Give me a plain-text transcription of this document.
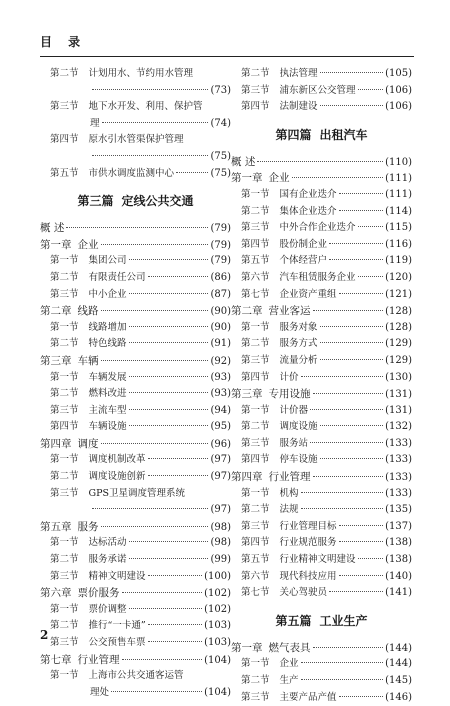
目 录
第二节 计划用水、节约用水管理
(73)
第三节 地下水开发、利用、保护管
理	(74)
第四节 原水引水管渠保护管理
(75)
第五节 市供水调度监测中心	(75)
第三篇 定线公共交通
概 述	(79)
第一章 企业	(79)
第一节 集团公司	(79)
第二节 有限责任公司	(86)
第三节 中小企业	(87)
第二章 线路	(90)
第一节 线路增加	(90)
第二节 特色线路	(91)
第三章 车辆	(92)
第一节 车辆发展	(93)
第二节 燃料改进	(93)
第三节 主流车型	(94)
第四节 车辆设施	(95)
第四章 调度	(96)
第一节 调度机制改革	(97)
第二节 调度设施创新	(97)
第三节 GPS卫星调度管理系统
(97)
第五章 服务	(98)
第一节 达标活动	(98)
第二节 服务承诺	(99)
第三节 精神文明建设	(100)
第六章 票价服务	(102)
第一节 票价调整	(102)
第二节 推行“一卡通”	(103)
第三节 公交预售车票	(103)
第七章 行业管理	(104)
第一节 上海市公共交通客运管
理处	(104)
第二节 执法管理	(105)
第三节 浦东新区公交管理	(106)
第四节 法制建设	(106)
第四篇 出租汽车
概 述	(110)
第一章 企业	(111)
第一节 国有企业迭介	(111)
第二节 集体企业迭介	(114)
第三节 中外合作企业迭介	(115)
第四节 股份制企业	(116)
第五节 个体经营户	(119)
第六节 汽车租赁服务企业	(120)
第七节 企业资产重组	(121)
第二章 营业客运	(128)
第一节 服务对象	(128)
第二节 服务方式	(129)
第三节 流量分析	(129)
第四节 计价	(130)
第三章 专用设施	(131)
第一节 计价器	(131)
第二节 调度设施	(132)
第三节 服务站	(133)
第四节 停车设施	(133)
第四章 行业管理	(133)
第一节 机构	(133)
第二节 法规	(135)
第三节 行业管理目标	(137)
第四节 行业规范服务	(138)
第五节 行业精神文明建设	(138)
第六节 现代科技应用	(140)
第七节 关心驾驶员	(141)
第五篇 工业生产
第一章 燃气表具	(144)
第一节 企业	(144)
第二节 生产	(145)
第三节 主要产品产值	(146)
2
